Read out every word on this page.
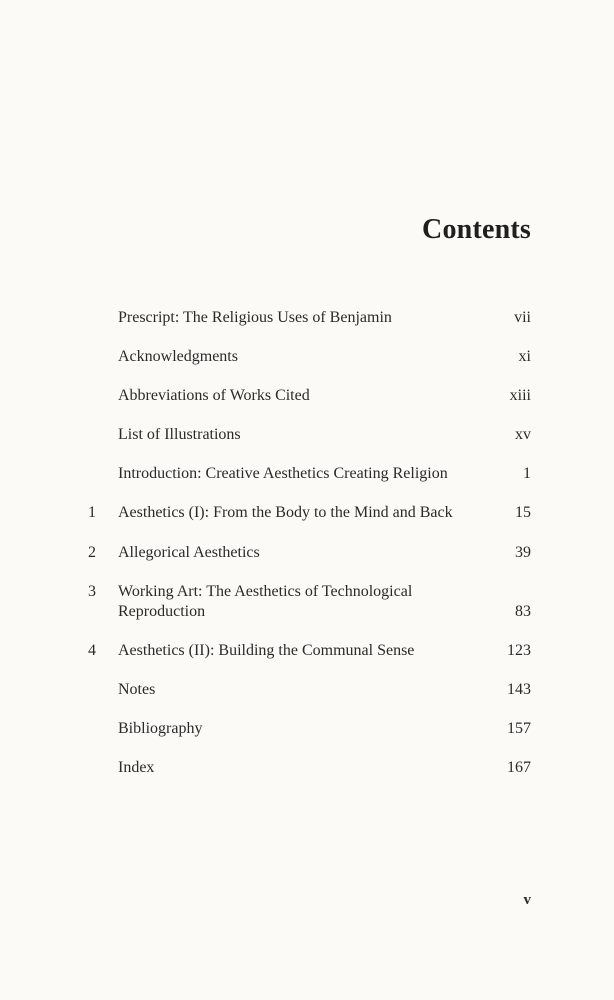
Contents
Prescript: The Religious Uses of Benjamin	vii
Acknowledgments	xi
Abbreviations of Works Cited	xiii
List of Illustrations	xv
Introduction: Creative Aesthetics Creating Religion	1
1	Aesthetics (I): From the Body to the Mind and Back	15
2	Allegorical Aesthetics	39
3	Working Art: The Aesthetics of Technological Reproduction	83
4	Aesthetics (II): Building the Communal Sense	123
Notes	143
Bibliography	157
Index	167
v
